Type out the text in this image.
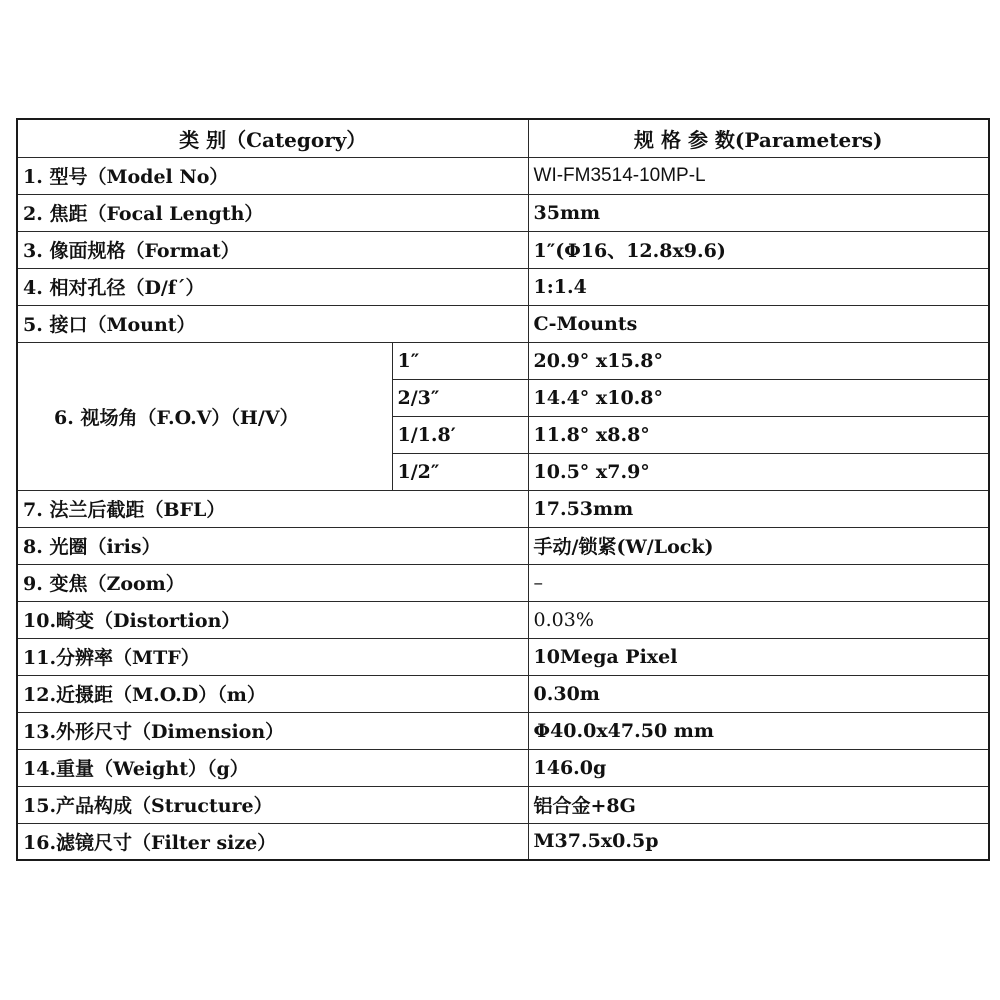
类 别（Category）		规 格 参 数(Parameters)
1. 型号（Model No）		WI-FM3514-10MP-L
2. 焦距（Focal Length）		35mm
3. 像面规格（Format）		1″(Φ16、12.8x9.6)
4. 相对孔径（D/f´）		1:1.4
5. 接口（Mount）		C-Mounts
6. 视场角（F.O.V）（H/V）	1″	20.9° x15.8°
	2/3″	14.4° x10.8°
	1/1.8′	11.8° x8.8°
	1/2″	10.5° x7.9°
7. 法兰后截距（BFL）		17.53mm
8. 光圈（iris）		手动/锁紧(W/Lock)
9. 变焦（Zoom）		–
10.畸变（Distortion）		0.03%
11.分辨率（MTF）		10Mega Pixel
12.近摄距（M.O.D）（m）		0.30m
13.外形尺寸（Dimension）		Φ40.0x47.50 mm
14.重量（Weight）（g）		146.0g
15.产品构成（Structure）		铝合金+8G
16.滤镜尺寸（Filter size）		M37.5x0.5p
